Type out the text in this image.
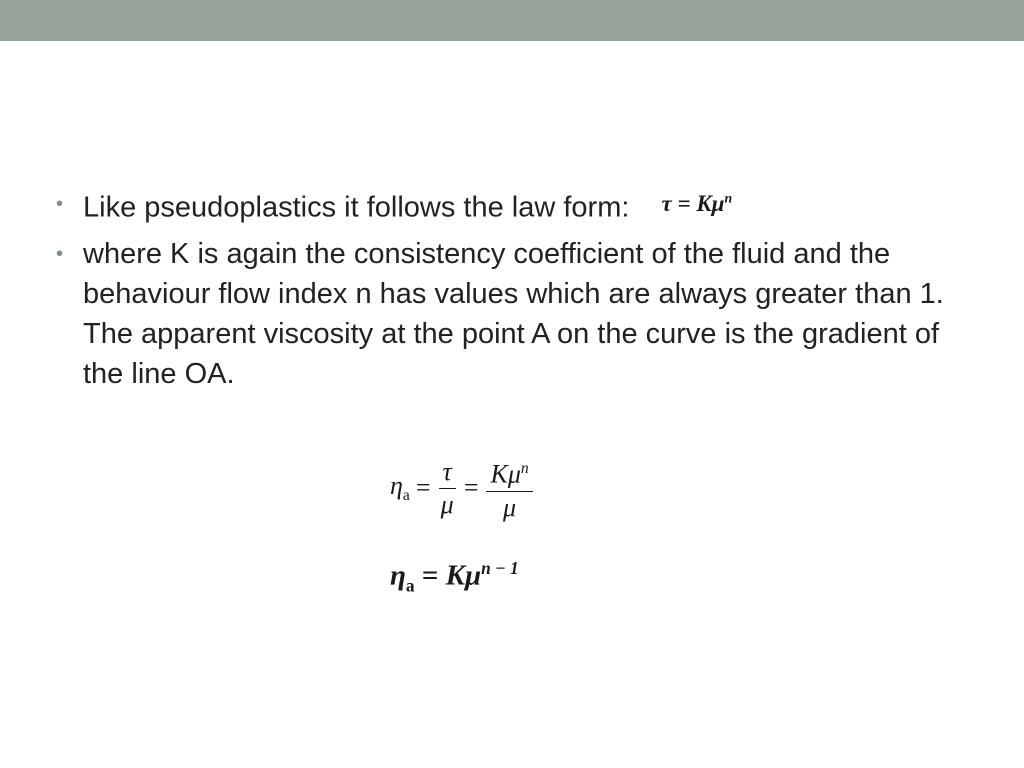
• Like pseudoplastics it follows the law form: $^{\tau = K\mu^n}$
• where K is again the consistency coefficient of the fluid and the behaviour flow index n has values which are always greater than 1. The apparent viscosity at the point A on the curve is the gradient of the line OA.
$\eta_a = \frac{\tau}{\mu} = \frac{K\mu^n}{\mu}$
$\eta_a = K\mu^{n - 1}$
